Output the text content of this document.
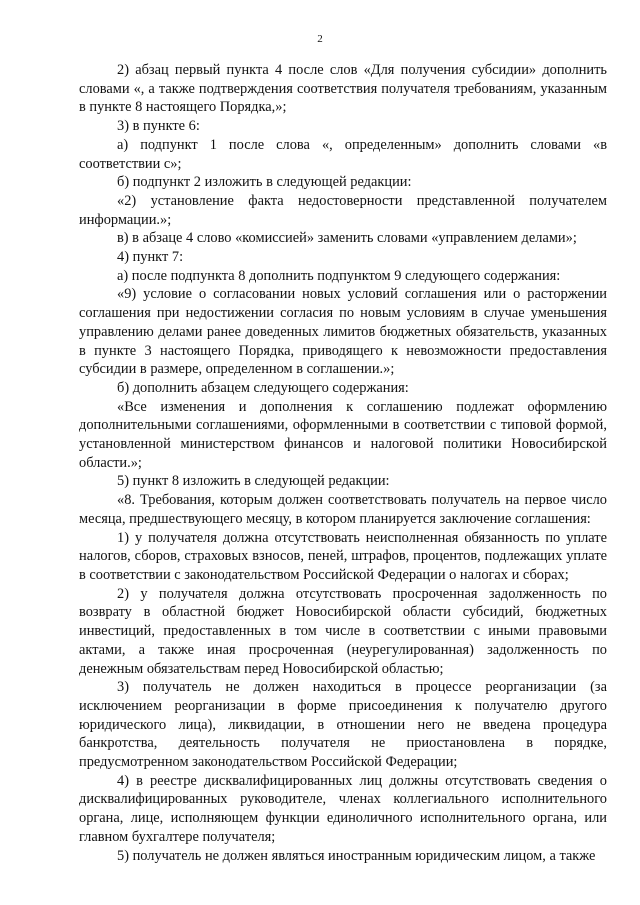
2

2) абзац первый пункта 4 после слов «Для получения субсидии» дополнить словами «, а также подтверждения соответствия получателя требованиям, указанным в пункте 8 настоящего Порядка,»;

3) в пункте 6:

а) подпункт 1 после слова «, определенным» дополнить словами «в соответствии с»;

б) подпункт 2 изложить в следующей редакции:

«2) установление факта недостоверности представленной получателем информации.»;

в) в абзаце 4 слово «комиссией» заменить словами «управлением делами»;

4) пункт 7:

а) после подпункта 8 дополнить подпунктом 9 следующего содержания:

«9) условие о согласовании новых условий соглашения или о расторжении соглашения при недостижении согласия по новым условиям в случае уменьшения управлению делами ранее доведенных лимитов бюджетных обязательств, указанных в пункте 3 настоящего Порядка, приводящего к невозможности предоставления субсидии в размере, определенном в соглашении.»;

б) дополнить абзацем следующего содержания:

«Все изменения и дополнения к соглашению подлежат оформлению дополнительными соглашениями, оформленными в соответствии с типовой формой, установленной министерством финансов и налоговой политики Новосибирской области.»;

5) пункт 8 изложить в следующей редакции:

«8. Требования, которым должен соответствовать получатель на первое число месяца, предшествующего месяцу, в котором планируется заключение соглашения:

1) у получателя должна отсутствовать неисполненная обязанность по уплате налогов, сборов, страховых взносов, пеней, штрафов, процентов, подлежащих уплате в соответствии с законодательством Российской Федерации о налогах и сборах;

2) у получателя должна отсутствовать просроченная задолженность по возврату в областной бюджет Новосибирской области субсидий, бюджетных инвестиций, предоставленных в том числе в соответствии с иными правовыми актами, а также иная просроченная (неурегулированная) задолженность по денежным обязательствам перед Новосибирской областью;

3) получатель не должен находиться в процессе реорганизации (за исключением реорганизации в форме присоединения к получателю другого юридического лица), ликвидации, в отношении него не введена процедура банкротства, деятельность получателя не приостановлена в порядке, предусмотренном законодательством Российской Федерации;

4) в реестре дисквалифицированных лиц должны отсутствовать сведения о дисквалифицированных руководителе, членах коллегиального исполнительного органа, лице, исполняющем функции единоличного исполнительного органа, или главном бухгалтере получателя;

5) получатель не должен являться иностранным юридическим лицом, а также
